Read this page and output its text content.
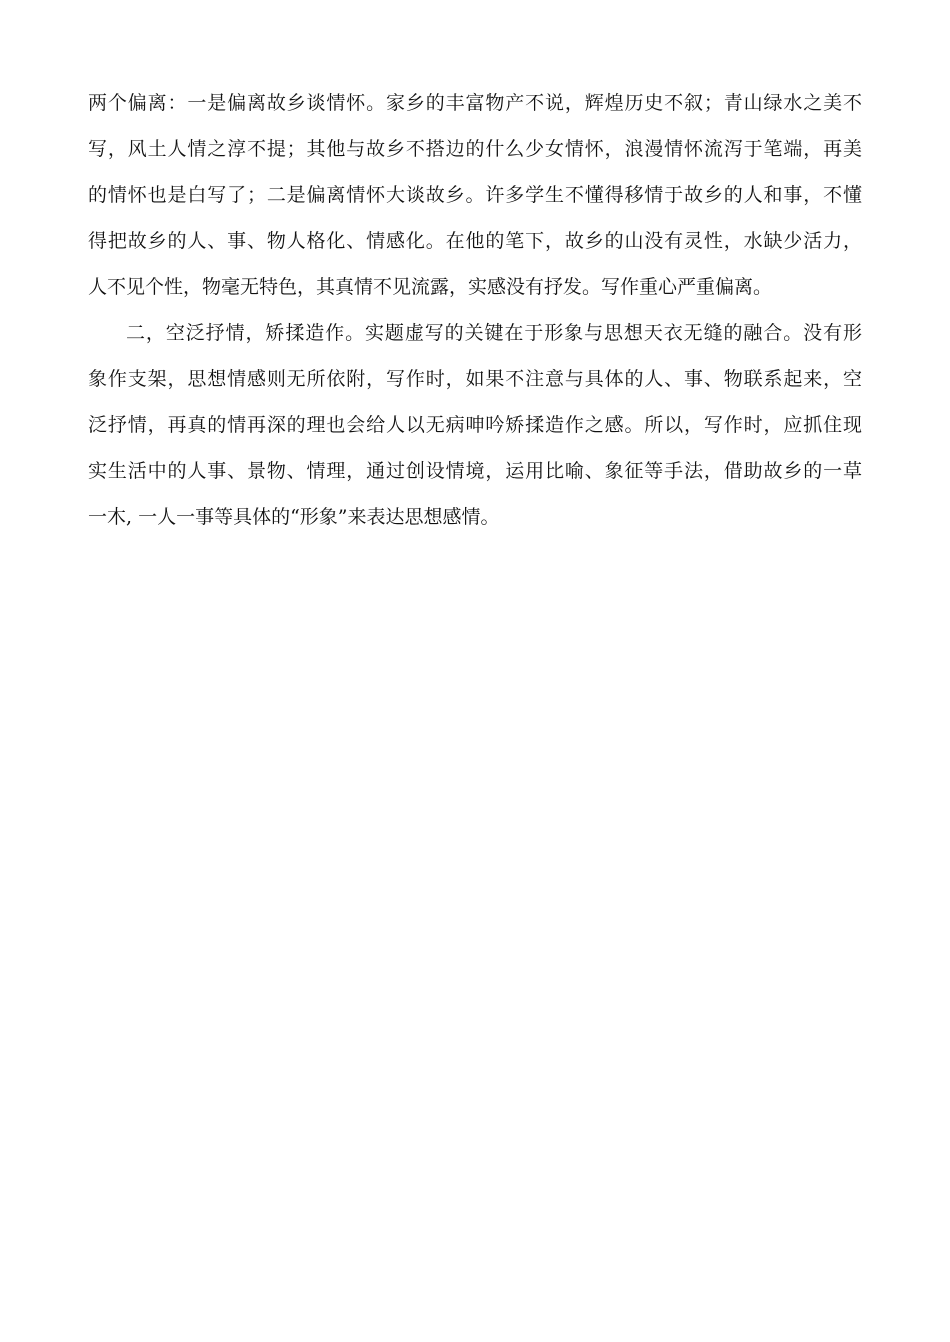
两个偏离：一是偏离故乡谈情怀。家乡的丰富物产不说，辉煌历史不叙；青山绿水之美不
写，风土人情之淳不提；其他与故乡不搭边的什么少女情怀，浪漫情怀流泻于笔端，再美
的情怀也是白写了；二是偏离情怀大谈故乡。许多学生不懂得移情于故乡的人和事，不懂
得把故乡的人、事、物人格化、情感化。在他的笔下，故乡的山没有灵性，水缺少活力，
人不见个性，物毫无特色，其真情不见流露，实感没有抒发。写作重心严重偏离。
二，空泛抒情，矫揉造作。实题虚写的关键在于形象与思想天衣无缝的融合。没有形
象作支架，思想情感则无所依附，写作时，如果不注意与具体的人、事、物联系起来，空
泛抒情，再真的情再深的理也会给人以无病呻吟矫揉造作之感。所以，写作时，应抓住现
实生活中的人事、景物、情理，通过创设情境，运用比喻、象征等手法，借助故乡的一草
一木, 一人一事等具体的“形象”来表达思想感情。
